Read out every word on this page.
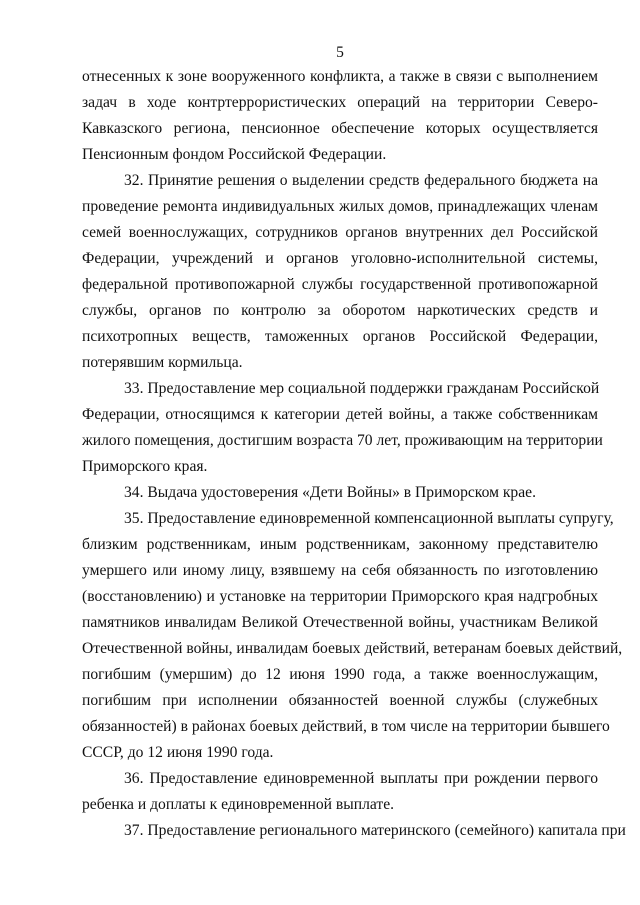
5
отнесенных к зоне вооруженного конфликта, а также в связи с выполнением
задач в ходе контртеррористических операций на территории Северо-
Кавказского региона, пенсионное обеспечение которых осуществляется
Пенсионным фондом Российской Федерации.
32. Принятие решения о выделении средств федерального бюджета на
проведение ремонта индивидуальных жилых домов, принадлежащих членам
семей военнослужащих, сотрудников органов внутренних дел Российской
Федерации, учреждений и органов уголовно-исполнительной системы,
федеральной противопожарной службы государственной противопожарной
службы, органов по контролю за оборотом наркотических средств и
психотропных веществ, таможенных органов Российской Федерации,
потерявшим кормильца.
33. Предоставление мер социальной поддержки гражданам Российской
Федерации, относящимся к категории детей войны, а также собственникам
жилого помещения, достигшим возраста 70 лет, проживающим на территории
Приморского края.
34. Выдача удостоверения «Дети Войны» в Приморском крае.
35. Предоставление единовременной компенсационной выплаты супругу,
близким родственникам, иным родственникам, законному представителю
умершего или иному лицу, взявшему на себя обязанность по изготовлению
(восстановлению) и установке на территории Приморского края надгробных
памятников инвалидам Великой Отечественной войны, участникам Великой
Отечественной войны, инвалидам боевых действий, ветеранам боевых действий,
погибшим (умершим) до 12 июня 1990 года, а также военнослужащим,
погибшим при исполнении обязанностей военной службы (служебных
обязанностей) в районах боевых действий, в том числе на территории бывшего
СССР, до 12 июня 1990 года.
36. Предоставление единовременной выплаты при рождении первого
ребенка и доплаты к единовременной выплате.
37. Предоставление регионального материнского (семейного) капитала при
